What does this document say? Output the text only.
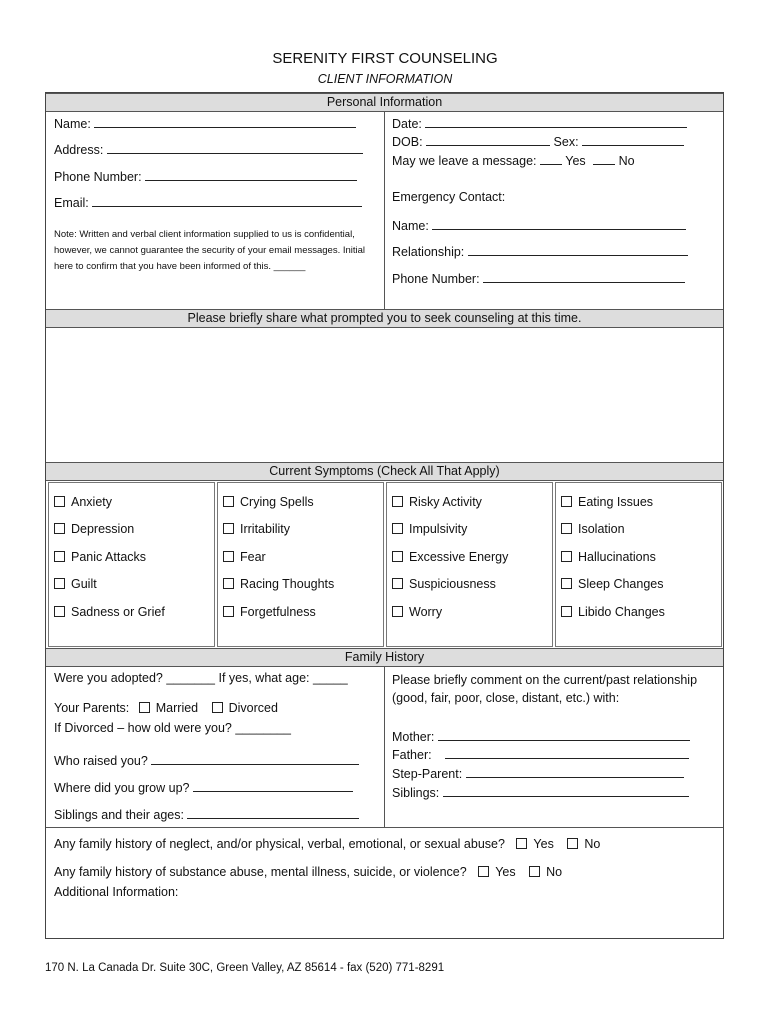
SERENITY FIRST COUNSELING
CLIENT INFORMATION
Personal Information
Name:
Address:
Phone Number:
Email:
Note: Written and verbal client information supplied to us is confidential, however, we cannot guarantee the security of your email messages. Initial here to confirm that you have been informed of this. ______
Date:
DOB:	Sex:
May we leave a message: Yes	No
Emergency Contact:
Name:
Relationship:
Phone Number:
Please briefly share what prompted you to seek counseling at this time.
Current Symptoms (Check All That Apply)
Family History
Were you adopted? _______ If yes, what age: _____
Your Parents: Married Divorced
If Divorced – how old were you? ________
Who raised you?
Where did you grow up?
Siblings and their ages:
Please briefly comment on the current/past relationship (good, fair, poor, close, distant, etc.) with:
Mother:
Father:
Step-Parent:
Siblings:
Any family history of neglect, and/or physical, verbal, emotional, or sexual abuse? Yes No
Any family history of substance abuse, mental illness, suicide, or violence? Yes No
Additional Information:
Anxiety
Depression
Panic Attacks
Guilt
Sadness or Grief
Crying Spells
Irritability
Fear
Racing Thoughts
Forgetfulness
Risky Activity
Impulsivity
Excessive Energy
Suspiciousness
Worry
Eating Issues
Isolation
Hallucinations
Sleep Changes
Libido Changes
170 N. La Canada Dr. Suite 30C, Green Valley, AZ 85614 - fax (520) 771-8291
